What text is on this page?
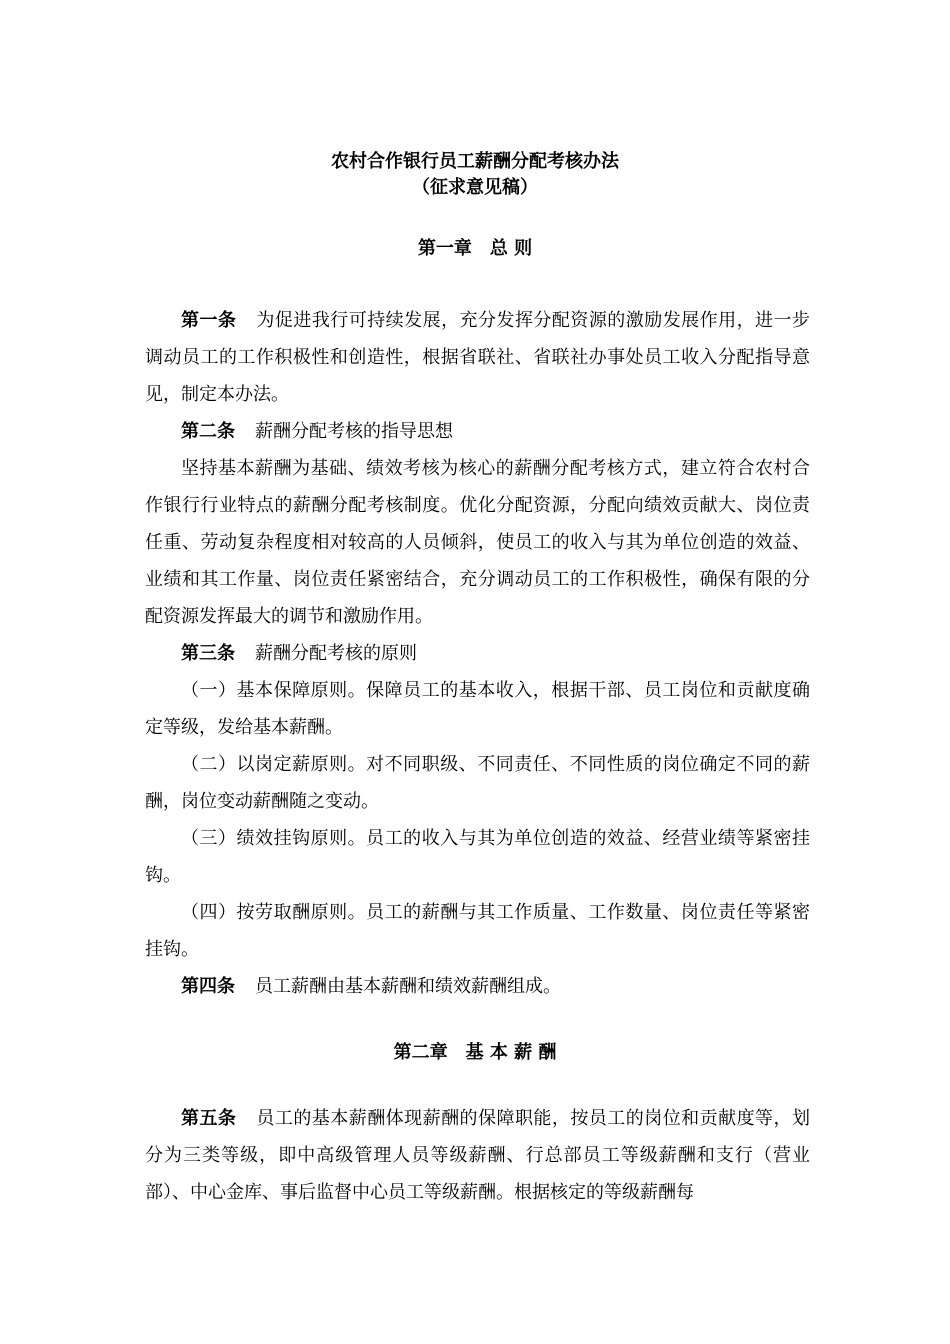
农村合作银行员工薪酬分配考核办法
（征求意见稿）
第一章　总 则

第一条 为促进我行可持续发展，充分发挥分配资源的激励发展作用，进一步调动员工的工作积极性和创造性，根据省联社、省联社办事处员工收入分配指导意见，制定本办法。

第二条 薪酬分配考核的指导思想

坚持基本薪酬为基础、绩效考核为核心的薪酬分配考核方式，建立符合农村合作银行行业特点的薪酬分配考核制度。优化分配资源，分配向绩效贡献大、岗位责任重、劳动复杂程度相对较高的人员倾斜，使员工的收入与其为单位创造的效益、业绩和其工作量、岗位责任紧密结合，充分调动员工的工作积极性，确保有限的分配资源发挥最大的调节和激励作用。

第三条 薪酬分配考核的原则

（一）基本保障原则。保障员工的基本收入，根据干部、员工岗位和贡献度确定等级，发给基本薪酬。

（二）以岗定薪原则。对不同职级、不同责任、不同性质的岗位确定不同的薪酬，岗位变动薪酬随之变动。

（三）绩效挂钩原则。员工的收入与其为单位创造的效益、经营业绩等紧密挂钩。

（四）按劳取酬原则。员工的薪酬与其工作质量、工作数量、岗位责任等紧密挂钩。

第四条 员工薪酬由基本薪酬和绩效薪酬组成。

第二章　基 本 薪 酬

第五条 员工的基本薪酬体现薪酬的保障职能，按员工的岗位和贡献度等，划分为三类等级，即中高级管理人员等级薪酬、行总部员工等级薪酬和支行（营业部）、中心金库、事后监督中心员工等级薪酬。根据核定的等级薪酬每
